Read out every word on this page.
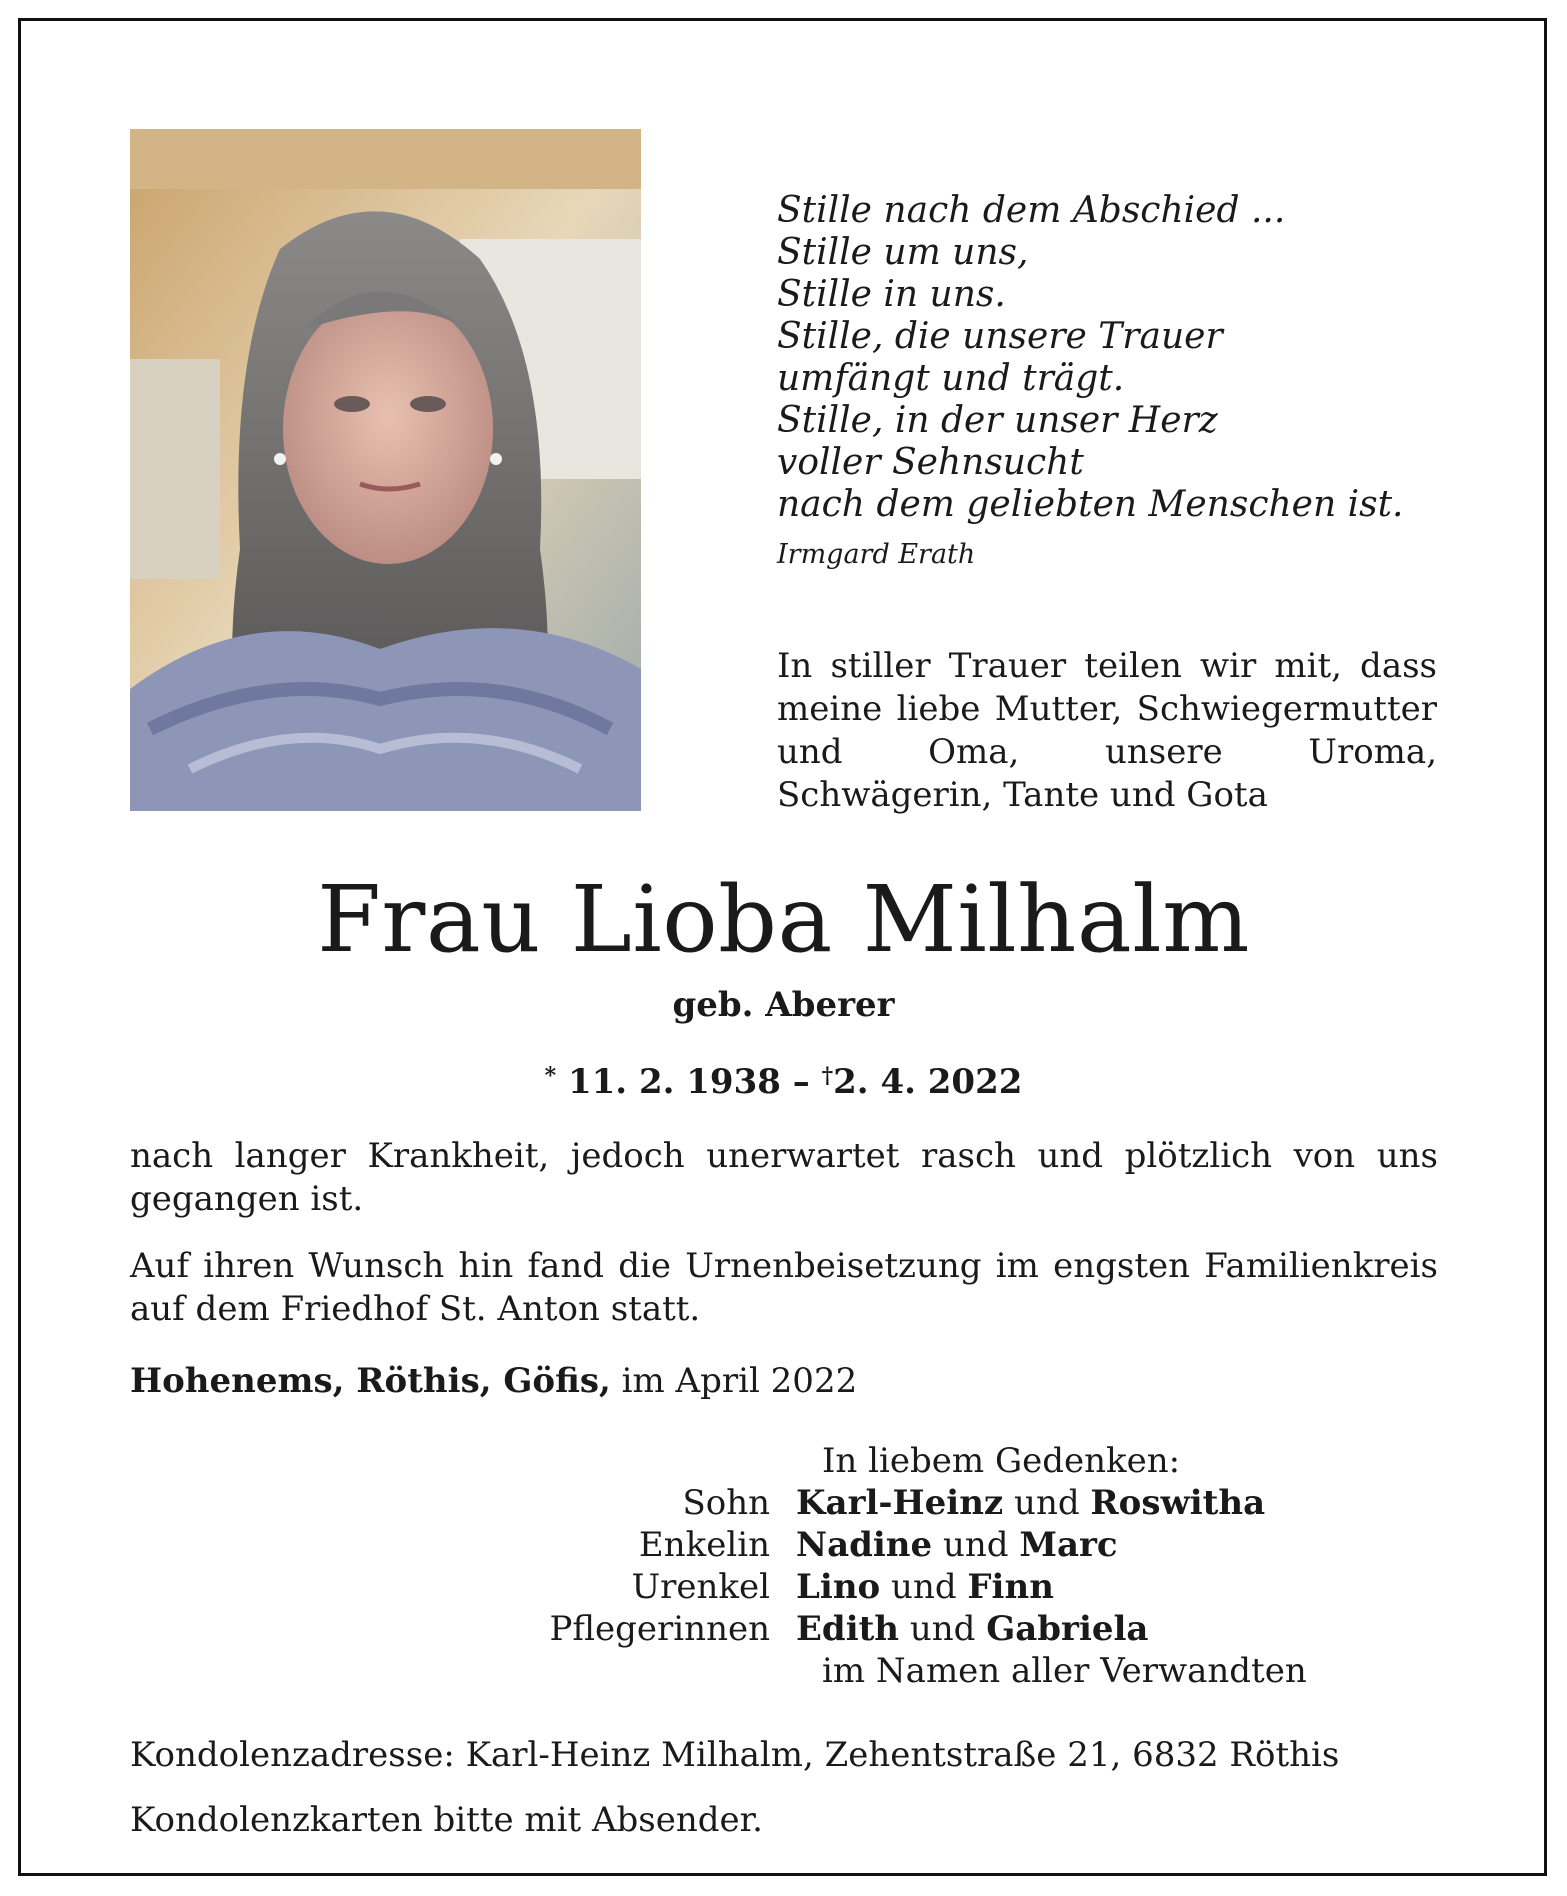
Stille nach dem Abschied ...
Stille um uns,
Stille in uns.
Stille, die unsere Trauer
umfängt und trägt.
Stille, in der unser Herz
voller Sehnsucht
nach dem geliebten Menschen ist.
Irmgard Erath
In stiller Trauer teilen wir mit, dass meine liebe Mutter, Schwiegermutter und Oma, unsere Uroma, Schwägerin, Tante und Gota
Frau Lioba Milhalm
geb. Aberer
* 11. 2. 1938 – †2. 4. 2022
nach langer Krankheit, jedoch unerwartet rasch und plötzlich von uns gegangen ist.
Auf ihren Wunsch hin fand die Urnenbeisetzung im engsten Familienkreis auf dem Friedhof St. Anton statt.
Hohenems, Röthis, Göfis, im April 2022
In liebem Gedenken:
Sohn Karl-Heinz und Roswitha
Enkelin Nadine und Marc
Urenkel Lino und Finn
Pflegerinnen Edith und Gabriela
im Namen aller Verwandten
Kondolenzadresse: Karl-Heinz Milhalm, Zehentstraße 21, 6832 Röthis
Kondolenzkarten bitte mit Absender.
